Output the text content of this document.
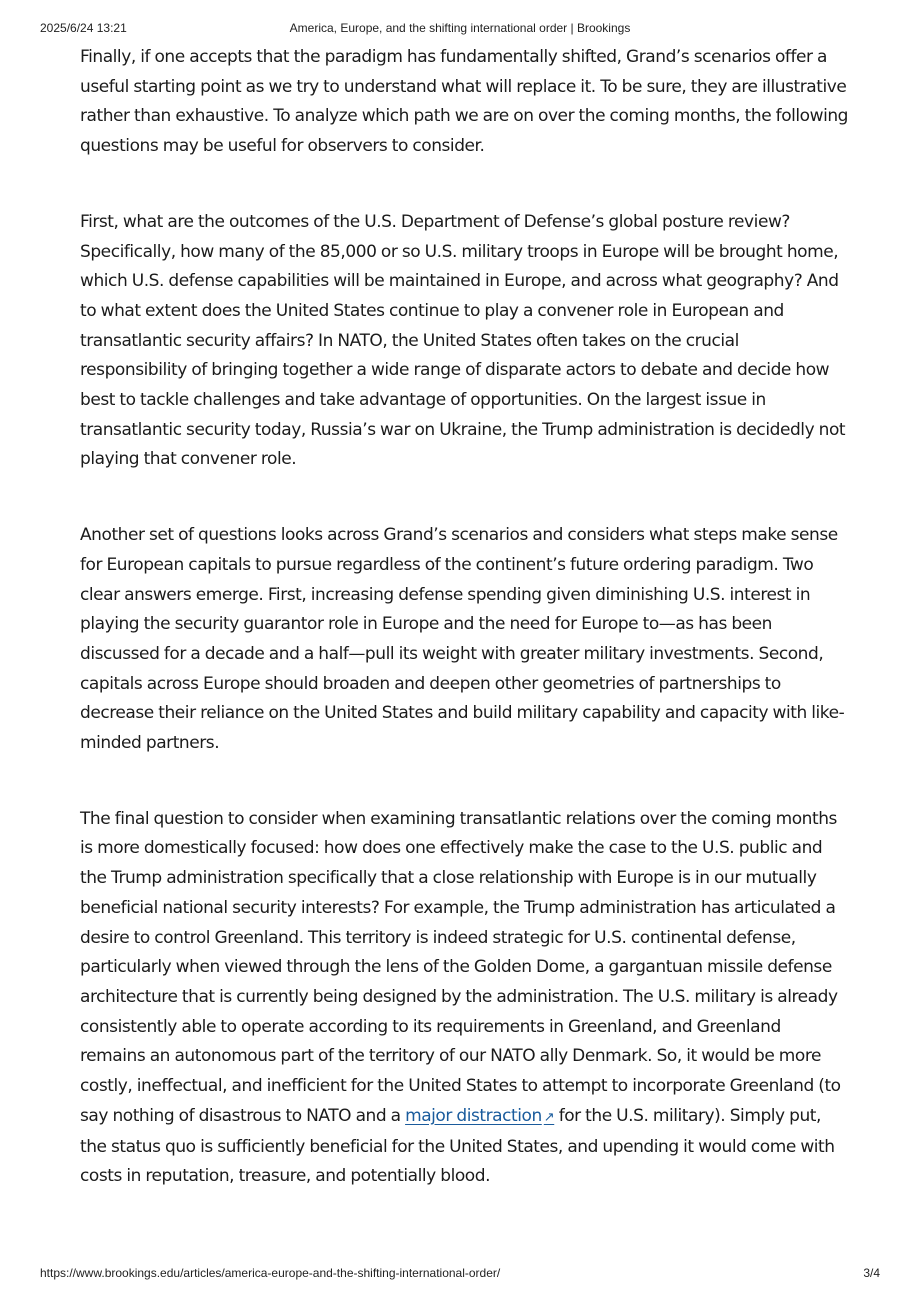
2025/6/24 13:21	America, Europe, and the shifting international order | Brookings

Finally, if one accepts that the paradigm has fundamentally shifted, Grand’s scenarios offer a useful starting point as we try to understand what will replace it. To be sure, they are illustrative rather than exhaustive. To analyze which path we are on over the coming months, the following questions may be useful for observers to consider.

First, what are the outcomes of the U.S. Department of Defense’s global posture review? Specifically, how many of the 85,000 or so U.S. military troops in Europe will be brought home, which U.S. defense capabilities will be maintained in Europe, and across what geography? And to what extent does the United States continue to play a convener role in European and transatlantic security affairs? In NATO, the United States often takes on the crucial responsibility of bringing together a wide range of disparate actors to debate and decide how best to tackle challenges and take advantage of opportunities. On the largest issue in transatlantic security today, Russia’s war on Ukraine, the Trump administration is decidedly not playing that convener role.

Another set of questions looks across Grand’s scenarios and considers what steps make sense for European capitals to pursue regardless of the continent’s future ordering paradigm. Two clear answers emerge. First, increasing defense spending given diminishing U.S. interest in playing the security guarantor role in Europe and the need for Europe to—as has been discussed for a decade and a half—pull its weight with greater military investments. Second, capitals across Europe should broaden and deepen other geometries of partnerships to decrease their reliance on the United States and build military capability and capacity with like-minded partners.

The final question to consider when examining transatlantic relations over the coming months is more domestically focused: how does one effectively make the case to the U.S. public and the Trump administration specifically that a close relationship with Europe is in our mutually beneficial national security interests? For example, the Trump administration has articulated a desire to control Greenland. This territory is indeed strategic for U.S. continental defense, particularly when viewed through the lens of the Golden Dome, a gargantuan missile defense architecture that is currently being designed by the administration. The U.S. military is already consistently able to operate according to its requirements in Greenland, and Greenland remains an autonomous part of the territory of our NATO ally Denmark. So, it would be more costly, ineffectual, and inefficient for the United States to attempt to incorporate Greenland (to say nothing of disastrous to NATO and a major distraction ↗ for the U.S. military). Simply put, the status quo is sufficiently beneficial for the United States, and upending it would come with costs in reputation, treasure, and potentially blood.

https://www.brookings.edu/articles/america-europe-and-the-shifting-international-order/	3/4
